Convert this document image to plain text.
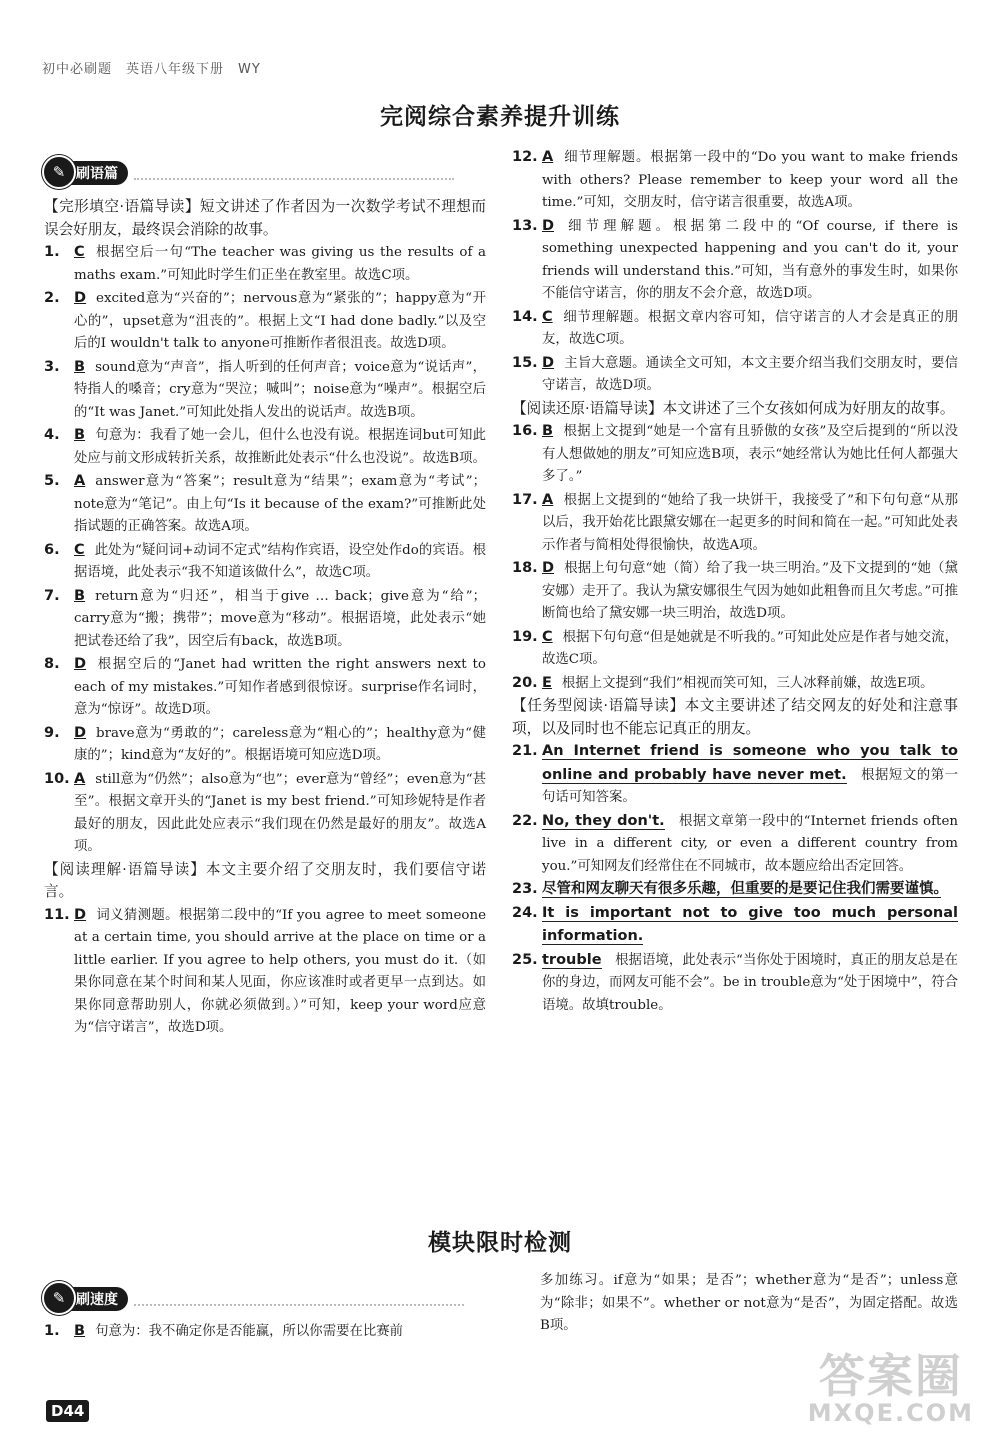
初中必刷题　英语八年级下册　WY
完阅综合素养提升训练
✎ 刷语篇

【完形填空·语篇导读】短文讲述了作者因为一次数学考试不理想而误会好朋友，最终误会消除的故事。

1. C 根据空后一句“The teacher was giving us the results of a maths exam.”可知此时学生们正坐在教室里。故选C项。
2. D excited意为“兴奋的”；nervous意为“紧张的”；happy意为“开心的”，upset意为“沮丧的”。根据上文“I had done badly.”以及空后的I wouldn't talk to anyone可推断作者很沮丧。故选D项。
3. B sound意为“声音”，指人听到的任何声音；voice意为“说话声”，特指人的嗓音；cry意为“哭泣；喊叫”；noise意为“噪声”。根据空后的“It was Janet.”可知此处指人发出的说话声。故选B项。
4. B 句意为：我看了她一会儿，但什么也没有说。根据连词but可知此处应与前文形成转折关系，故推断此处表示“什么也没说”。故选B项。
5. A answer意为“答案”；result意为“结果”；exam意为“考试”；note意为“笔记”。由上句“Is it because of the exam?”可推断此处指试题的正确答案。故选A项。
6. C 此处为“疑问词+动词不定式”结构作宾语，设空处作do的宾语。根据语境，此处表示“我不知道该做什么”，故选C项。
7. B return意为“归还”，相当于give … back；give意为“给”；carry意为“搬；携带”；move意为“移动”。根据语境，此处表示“她把试卷还给了我”，因空后有back，故选B项。
8. D 根据空后的“Janet had written the right answers next to each of my mistakes.”可知作者感到很惊讶。surprise作名词时，意为“惊讶”。故选D项。
9. D brave意为“勇敢的”；careless意为“粗心的”；healthy意为“健康的”；kind意为“友好的”。根据语境可知应选D项。
10. A still意为“仍然”；also意为“也”；ever意为“曾经”；even意为“甚至”。根据文章开头的“Janet is my best friend.”可知珍妮特是作者最好的朋友，因此此处应表示“我们现在仍然是最好的朋友”。故选A项。

【阅读理解·语篇导读】本文主要介绍了交朋友时，我们要信守诺言。

11. D 词义猜测题。根据第二段中的“If you agree to meet someone at a certain time, you should arrive at the place on time or a little earlier. If you agree to help others, you must do it.（如果你同意在某个时间和某人见面，你应该准时或者更早一点到达。如果你同意帮助别人，你就必须做到。）”可知，keep your word应意为“信守诺言”，故选D项。
12. A 细节理解题。根据第一段中的“Do you want to make friends with others? Please remember to keep your word all the time.”可知，交朋友时，信守诺言很重要，故选A项。
13. D 细节理解题。根据第二段中的“Of course, if there is something unexpected happening and you can't do it, your friends will understand this.”可知，当有意外的事发生时，如果你不能信守诺言，你的朋友不会介意，故选D项。
14. C 细节理解题。根据文章内容可知，信守诺言的人才会是真正的朋友，故选C项。
15. D 主旨大意题。通读全文可知，本文主要介绍当我们交朋友时，要信守诺言，故选D项。

【阅读还原·语篇导读】本文讲述了三个女孩如何成为好朋友的故事。

16. B 根据上文提到“她是一个富有且骄傲的女孩”及空后提到的“所以没有人想做她的朋友”可知应选B项，表示“她经常认为她比任何人都强大多了。”
17. A 根据上文提到的“她给了我一块饼干，我接受了”和下句句意“从那以后，我开始花比跟黛安娜在一起更多的时间和简在一起。”可知此处表示作者与简相处得很愉快，故选A项。
18. D 根据上句句意“她（简）给了我一块三明治。”及下文提到的“她（黛安娜）走开了。我认为黛安娜很生气因为她如此粗鲁而且欠考虑。”可推断简也给了黛安娜一块三明治，故选D项。
19. C 根据下句句意“但是她就是不听我的。”可知此处应是作者与她交流，故选C项。
20. E 根据上文提到“我们”相视而笑可知，三人冰释前嫌，故选E项。

【任务型阅读·语篇导读】本文主要讲述了结交网友的好处和注意事项，以及同时也不能忘记真正的朋友。

21. An Internet friend is someone who you talk to online and probably have never met.　 根据短文的第一句话可知答案。
22. No, they don't.　 根据文章第一段中的“Internet friends often live in a different city, or even a different country from you.”可知网友们经常住在不同城市，故本题应给出否定回答。
23. 尽管和网友聊天有很多乐趣，但重要的是要记住我们需要谨慎。　
24. It is important not to give too much personal information.　
25. trouble　 根据语境，此处表示“当你处于困境时，真正的朋友总是在你的身边，而网友可能不会”。be in trouble意为“处于困境中”，符合语境。故填trouble。
模块限时检测
✎ 刷速度
1. B 句意为：我不确定你是否能赢，所以你需要在比赛前

多加练习。if意为“如果；是否”；whether意为“是否”；unless意为“除非；如果不”。whether or not意为“是否”，为固定搭配。故选B项。

D44
答案圈
MXQE.COM
